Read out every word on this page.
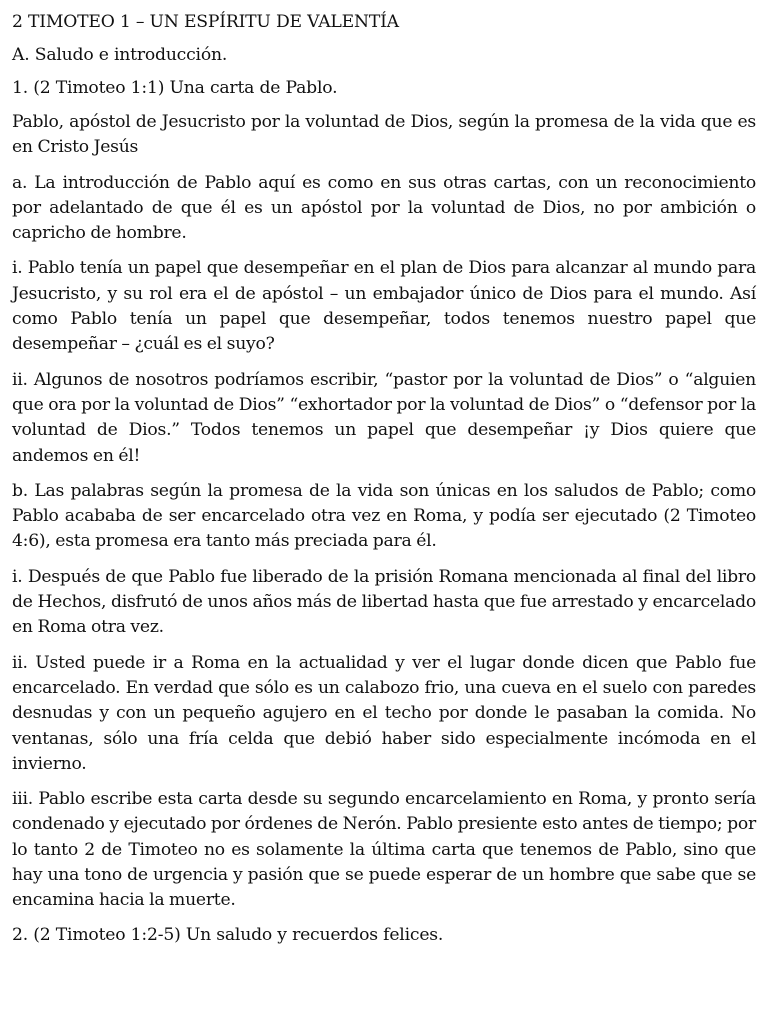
2 TIMOTEO 1 – UN ESPÍRITU DE VALENTÍA
A. Saludo e introducción.
1. (2 Timoteo 1:1) Una carta de Pablo.

Pablo, apóstol de Jesucristo por la voluntad de Dios, según la promesa de la vida que es en Cristo Jesús

a. La introducción de Pablo aquí es como en sus otras cartas, con un reconocimiento por adelantado de que él es un apóstol por la voluntad de Dios, no por ambición o capricho de hombre.

i. Pablo tenía un papel que desempeñar en el plan de Dios para alcanzar al mundo para Jesucristo, y su rol era el de apóstol – un embajador único de Dios para el mundo. Así como Pablo tenía un papel que desempeñar, todos tenemos nuestro papel que desempeñar – ¿cuál es el suyo?

ii. Algunos de nosotros podríamos escribir, “pastor por la voluntad de Dios” o “alguien que ora por la voluntad de Dios” “exhortador por la voluntad de Dios” o “defensor por la voluntad de Dios.” Todos tenemos un papel que desempeñar ¡y Dios quiere que andemos en él!

b. Las palabras según la promesa de la vida son únicas en los saludos de Pablo; como Pablo acababa de ser encarcelado otra vez en Roma, y podía ser ejecutado (2 Timoteo 4:6), esta promesa era tanto más preciada para él.

i. Después de que Pablo fue liberado de la prisión Romana mencionada al final del libro de Hechos, disfrutó de unos años más de libertad hasta que fue arrestado y encarcelado en Roma otra vez.

ii. Usted puede ir a Roma en la actualidad y ver el lugar donde dicen que Pablo fue encarcelado. En verdad que sólo es un calabozo frio, una cueva en el suelo con paredes desnudas y con un pequeño agujero en el techo por donde le pasaban la comida. No ventanas, sólo una fría celda que debió haber sido especialmente incómoda en el invierno.

iii. Pablo escribe esta carta desde su segundo encarcelamiento en Roma, y pronto sería condenado y ejecutado por órdenes de Nerón. Pablo presiente esto antes de tiempo; por lo tanto 2 de Timoteo no es solamente la última carta que tenemos de Pablo, sino que hay una tono de urgencia y pasión que se puede esperar de un hombre que sabe que se encamina hacia la muerte.

2. (2 Timoteo 1:2-5) Un saludo y recuerdos felices.
